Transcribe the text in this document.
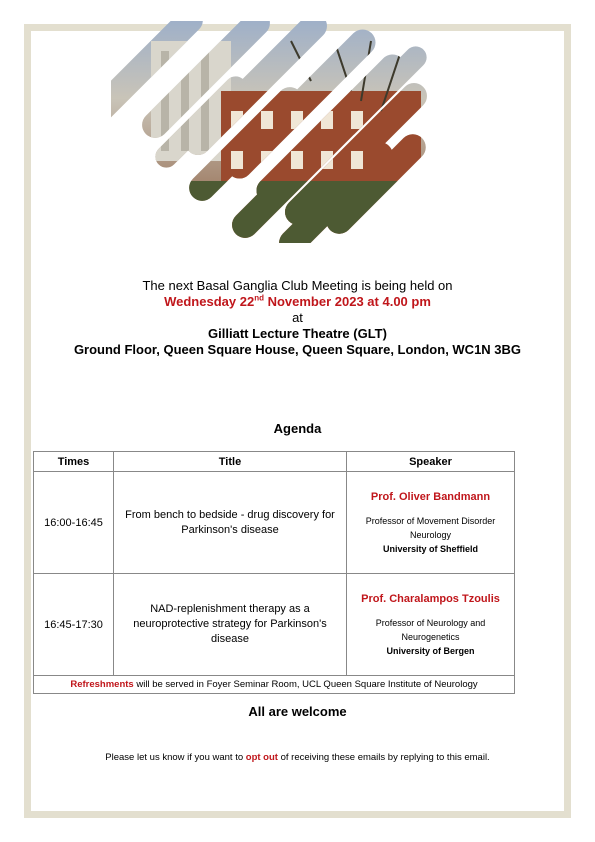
The next Basal Ganglia Club Meeting is being held on
Wednesday 22nd November 2023 at 4.00 pm
at
Gilliatt Lecture Theatre (GLT)
Ground Floor, Queen Square House, Queen Square, London, WC1N 3BG
Agenda
Times	Title	Speaker
16:00-16:45	From bench to bedside - drug discovery for Parkinson's disease	Prof. Oliver Bandmann
Professor of Movement Disorder Neurology
University of Sheffield

16:45-17:30	NAD-replenishment therapy as a neuroprotective strategy for Parkinson's disease	Prof. Charalampos Tzoulis
Professor of Neurology and Neurogenetics
University of Bergen

Refreshments will be served in Foyer Seminar Room, UCL Queen Square Institute of Neurology		
All are welcome
Please let us know if you want to opt out of receiving these emails by replying to this email.
